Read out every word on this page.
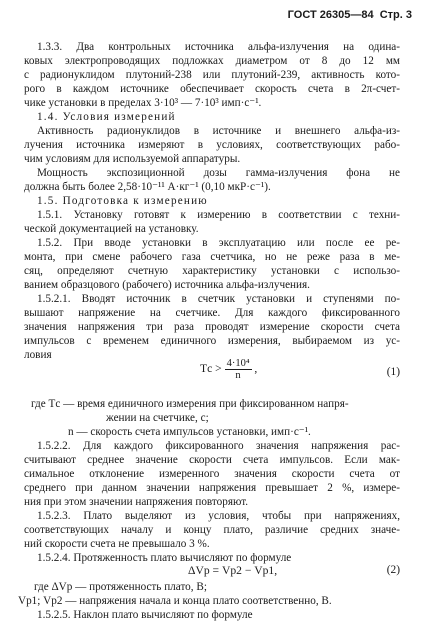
ГОСТ 26305—84 Стр. 3
1.3.3. Два контрольных источника альфа-излучения на одина-
ковых электропроводящих подложках диаметром от 8 до 12 мм
с радионуклидом плутоний-238 или плутоний-239, активность кото-
рого в каждом источнике обеспечивает скорость счета в 2π-счет-
чике установки в пределах 3·10³ — 7·10³ имп·с⁻¹.
1.4. Условия измерений
Активность радионуклидов в источнике и внешнего альфа-из-
лучения источника измеряют в условиях, соответствующих рабо-
чим условиям для используемой аппаратуры.
Мощность экспозиционной дозы гамма-излучения фона не
должна быть более 2,58·10⁻¹¹ А·кг⁻¹ (0,10 мкР·с⁻¹).
1.5. Подготовка к измерению
1.5.1. Установку готовят к измерению в соответствии с техни-
ческой документацией на установку.
1.5.2. При вводе установки в эксплуатацию или после ее ре-
монта, при смене рабочего газа счетчика, но не реже раза в ме-
сяц, определяют счетную характеристику установки с использо-
ванием образцового (рабочего) источника альфа-излучения.
1.5.2.1. Вводят источник в счетчик установки и ступенями по-
вышают напряжение на счетчике. Для каждого фиксированного
значения напряжения три раза проводят измерение скорости счета
импульсов с временем единичного измерения, выбираемом из ус-
ловия
Tс > $\frac{\text{4·10⁴}}{n}$ ,	(1)
где Tс — время единичного измерения при фиксированном напря-
жении на счетчике, с;
n — скорость счета импульсов установки, имп·с⁻¹.
1.5.2.2. Для каждого фиксированного значения напряжения рас-
считывают среднее значение скорости счета импульсов. Если мак-
симальное отклонение измеренного значения скорости счета от
среднего при данном значении напряжения превышает 2 %, измере-
ния при этом значении напряжения повторяют.
1.5.2.3. Плато выделяют из условия, чтобы при напряжениях,
соответствующих началу и концу плато, различие средних значе-
ний скорости счета не превышало 3 %.
1.5.2.4. Протяженность плато вычисляют по формуле
ΔVр = Vр2 − Vр1,	(2)
где ΔVр — протяженность плато, В;
Vр1; Vр2 — напряжения начала и конца плато соответственно, В.
1.5.2.5. Наклон плато вычисляют по формуле
